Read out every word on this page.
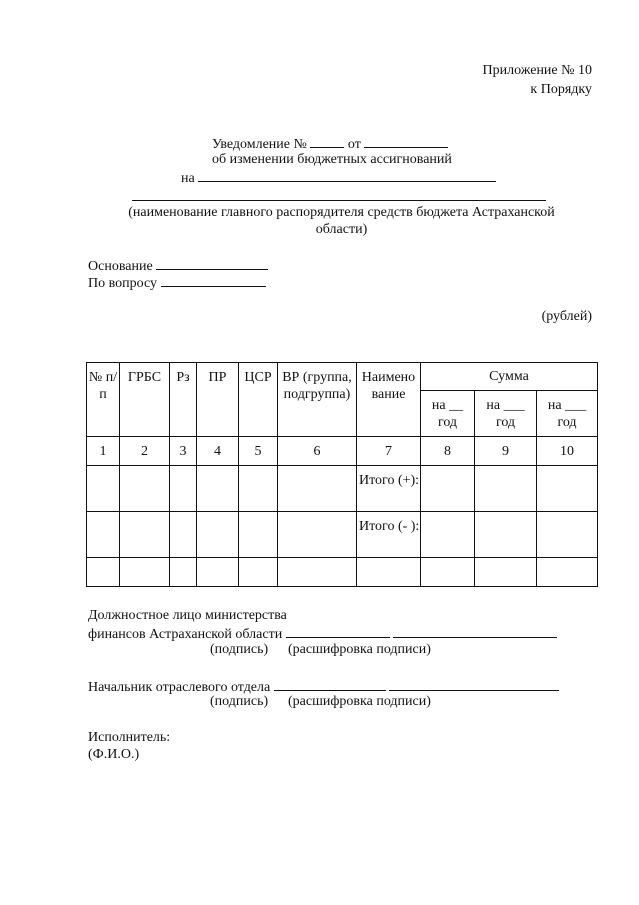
Приложение № 10
к Порядку
Уведомление №	от
об изменении бюджетных ассигнований
на
(наименование главного распорядителя средств бюджета Астраханской
области)
Основание
По вопросу
(рублей)
№ п/п	ГРБС	Рз	ПР	ЦСР	ВР (группа, подгруппа)	Наимено вание	Сумма		
							на __ год	на ___ год	на ___ год
1	2	3	4	5	6	7	8	9	10
						Итого (+):			
						Итого (- ):			

Должностное лицо министерства
финансов Астраханской области
(подпись) (расшифровка подписи)
Начальник отраслевого отдела
(подпись) (расшифровка подписи)
Исполнитель:
(Ф.И.О.)
